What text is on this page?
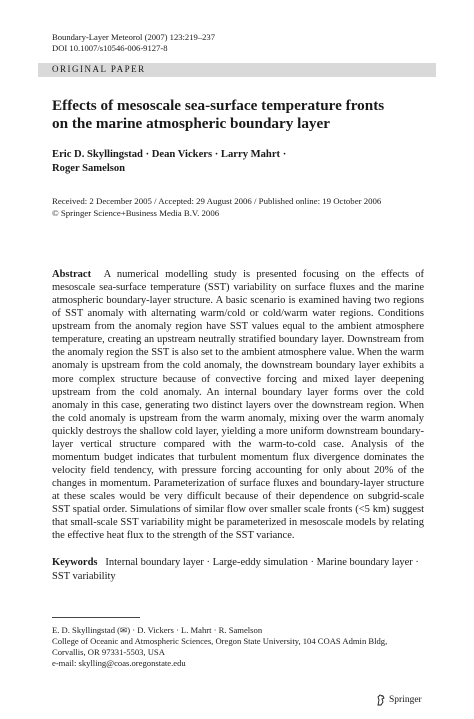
Boundary-Layer Meteorol (2007) 123:219–237
DOI 10.1007/s10546-006-9127-8
ORIGINAL PAPER
Effects of mesoscale sea-surface temperature fronts
on the marine atmospheric boundary layer
Eric D. Skyllingstad · Dean Vickers · Larry Mahrt ·
Roger Samelson
Received: 2 December 2005 / Accepted: 29 August 2006 / Published online: 19 October 2006
© Springer Science+Business Media B.V. 2006
Abstract A numerical modelling study is presented focusing on the effects of mesoscale sea-surface temperature (SST) variability on surface fluxes and the marine atmospheric boundary-layer structure. A basic scenario is examined having two regions of SST anomaly with alternating warm/cold or cold/warm water regions. Conditions upstream from the anomaly region have SST values equal to the ambient atmosphere temperature, creating an upstream neutrally stratified boundary layer. Downstream from the anomaly region the SST is also set to the ambient atmosphere value. When the warm anomaly is upstream from the cold anomaly, the downstream boundary layer exhibits a more complex structure because of convective forcing and mixed layer deepening upstream from the cold anomaly. An internal boundary layer forms over the cold anomaly in this case, generating two distinct layers over the downstream region. When the cold anomaly is upstream from the warm anomaly, mixing over the warm anomaly quickly destroys the shallow cold layer, yielding a more uniform downstream boundary-layer vertical structure compared with the warm-to-cold case. Analysis of the momentum budget indicates that turbulent momentum flux divergence dominates the velocity field tendency, with pressure forcing accounting for only about 20% of the changes in momentum. Parameterization of surface fluxes and boundary-layer structure at these scales would be very difficult because of their dependence on subgrid-scale SST spatial order. Simulations of similar flow over smaller scale fronts (<5 km) suggest that small-scale SST variability might be parameterized in mesoscale models by relating the effective heat flux to the strength of the SST variance.
Keywords Internal boundary layer · Large-eddy simulation · Marine boundary layer · SST variability
E. D. Skyllingstad (✉) · D. Vickers · L. Mahrt · R. Samelson
College of Oceanic and Atmospheric Sciences, Oregon State University, 104 COAS Admin Bldg,
Corvallis, OR 97331-5503, USA
e-mail: skylling@coas.oregonstate.edu
Springer
